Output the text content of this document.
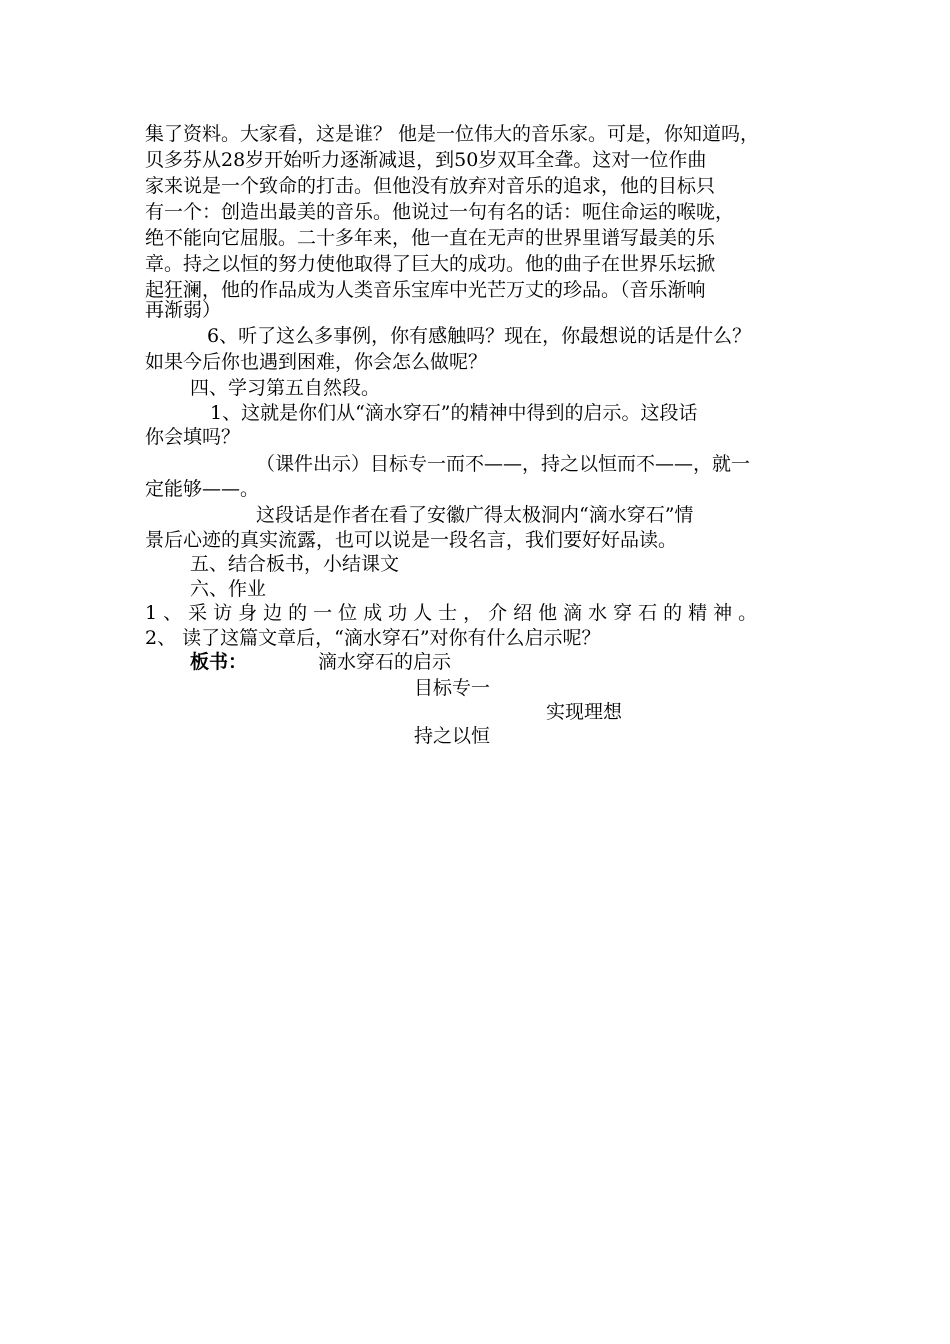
集了资料。大家看，这是谁？ 他是一位伟大的音乐家。可是，你知道吗，
贝多芬从28岁开始听力逐渐减退，到50岁双耳全聋。这对一位作曲
家来说是一个致命的打击。但他没有放弃对音乐的追求，他的目标只
有一个：创造出最美的音乐。他说过一句有名的话：呃住命运的喉咙，
绝不能向它屈服。二十多年来，他一直在无声的世界里谱写最美的乐
章。持之以恒的努力使他取得了巨大的成功。他的曲子在世界乐坛掀
起狂澜，他的作品成为人类音乐宝库中光芒万丈的珍品。（音乐渐响
再渐弱）
6、听了这么多事例，你有感触吗？现在，你最想说的话是什么？
如果今后你也遇到困难，你会怎么做呢？
四、学习第五自然段。
1、这就是你们从“滴水穿石”的精神中得到的启示。这段话
你会填吗？
（课件出示）目标专一而不——，持之以恒而不——，就一
定能够——。
这段话是作者在看了安徽广得太极洞内“滴水穿石”情
景后心迹的真实流露，也可以说是一段名言，我们要好好品读。
五、结合板书，小结课文
六、作业
1、采访身边的一位成功人士，介绍他滴水穿石的精神。
2、 读了这篇文章后，“滴水穿石”对你有什么启示呢？
板书：	滴水穿石的启示
目标专一
实现理想
持之以恒
